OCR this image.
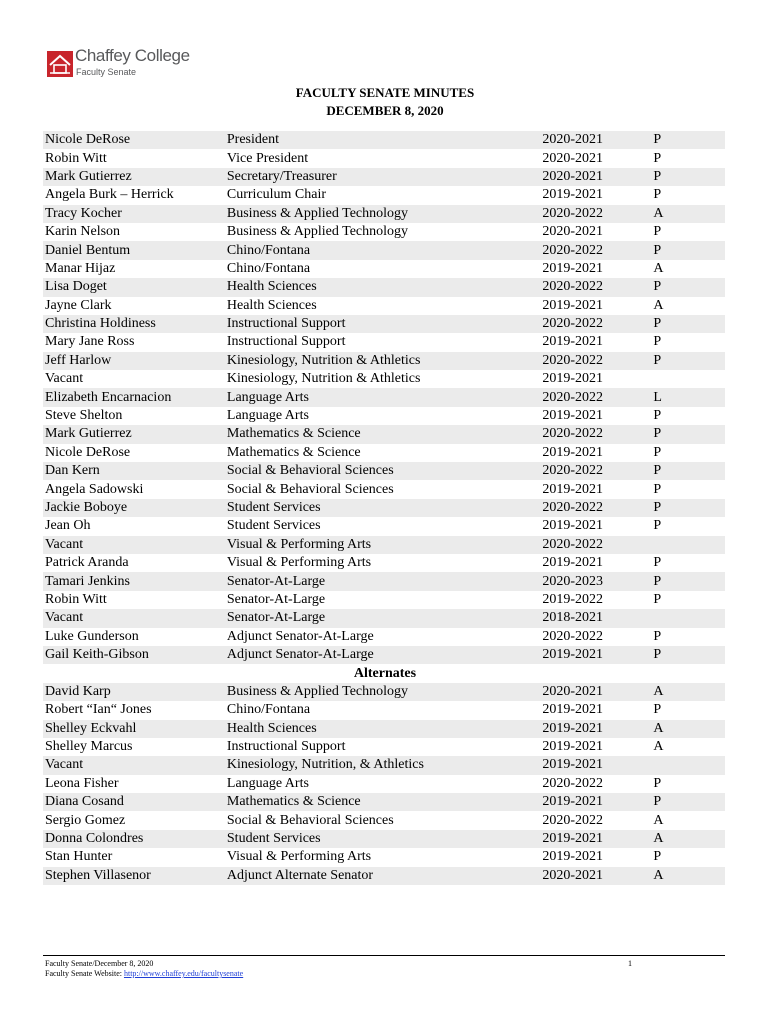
Chaffey College
Faculty Senate
FACULTY SENATE MINUTES
DECEMBER 8, 2020
Nicole DeRose	President	2020-2021	P
Robin Witt	Vice President	2020-2021	P
Mark Gutierrez	Secretary/Treasurer	2020-2021	P
Angela Burk – Herrick	Curriculum Chair	2019-2021	P
Tracy Kocher	Business & Applied Technology	2020-2022	A
Karin Nelson	Business & Applied Technology	2020-2021	P
Daniel Bentum	Chino/Fontana	2020-2022	P
Manar Hijaz	Chino/Fontana	2019-2021	A
Lisa Doget	Health Sciences	2020-2022	P
Jayne Clark	Health Sciences	2019-2021	A
Christina Holdiness	Instructional Support	2020-2022	P
Mary Jane Ross	Instructional Support	2019-2021	P
Jeff Harlow	Kinesiology, Nutrition & Athletics	2020-2022	P
Vacant	Kinesiology, Nutrition & Athletics	2019-2021	
Elizabeth Encarnacion	Language Arts	2020-2022	L
Steve Shelton	Language Arts	2019-2021	P
Mark Gutierrez	Mathematics & Science	2020-2022	P
Nicole DeRose	Mathematics & Science	2019-2021	P
Dan Kern	Social & Behavioral Sciences	2020-2022	P
Angela Sadowski	Social & Behavioral Sciences	2019-2021	P
Jackie Boboye	Student Services	2020-2022	P
Jean Oh	Student Services	2019-2021	P
Vacant	Visual & Performing Arts	2020-2022	
Patrick Aranda	Visual & Performing Arts	2019-2021	P
Tamari Jenkins	Senator-At-Large	2020-2023	P
Robin Witt	Senator-At-Large	2019-2022	P
Vacant	Senator-At-Large	2018-2021	
Luke Gunderson	Adjunct Senator-At-Large	2020-2022	P
Gail Keith-Gibson	Adjunct Senator-At-Large	2019-2021	P
Alternates			
David Karp	Business & Applied Technology	2020-2021	A
Robert “Ian“ Jones	Chino/Fontana	2019-2021	P
Shelley Eckvahl	Health Sciences	2019-2021	A
Shelley Marcus	Instructional Support	2019-2021	A
Vacant	Kinesiology, Nutrition, & Athletics	2019-2021	
Leona Fisher	Language Arts	2020-2022	P
Diana Cosand	Mathematics & Science	2019-2021	P
Sergio Gomez	Social & Behavioral Sciences	2020-2022	A
Donna Colondres	Student Services	2019-2021	A
Stan Hunter	Visual & Performing Arts	2019-2021	P
Stephen Villasenor	Adjunct Alternate Senator	2020-2021	A
Faculty Senate/December 8, 2020
Faculty Senate Website: http://www.chaffey.edu/facultysenate
1
